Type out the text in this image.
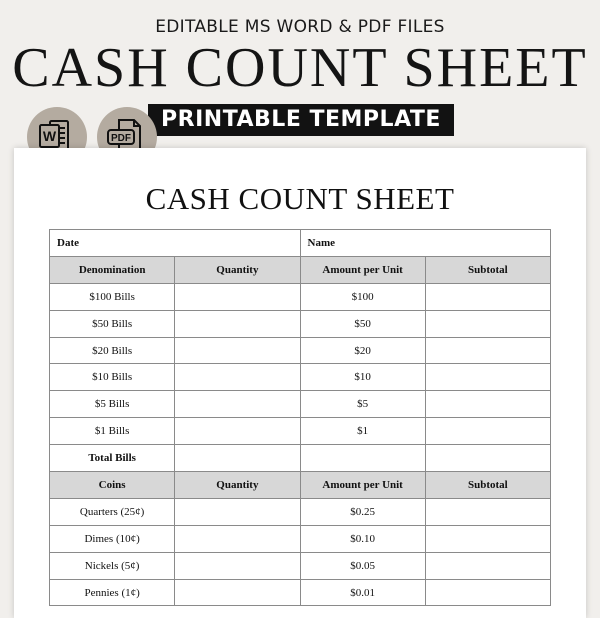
EDITABLE MS WORD & PDF FILES
CASH COUNT SHEET
PRINTABLE TEMPLATE
W	PDF
CASH COUNT SHEET
Date		Name	
Denomination	Quantity	Amount per Unit	Subtotal
$100 Bills		$100	
$50 Bills		$50	
$20 Bills		$20	
$10 Bills		$10	
$5 Bills		$5	
$1 Bills		$1	
Total Bills			
Coins	Quantity	Amount per Unit	Subtotal
Quarters (25¢)		$0.25	
Dimes (10¢)		$0.10	
Nickels (5¢)		$0.05	
Pennies (1¢)		$0.01	
